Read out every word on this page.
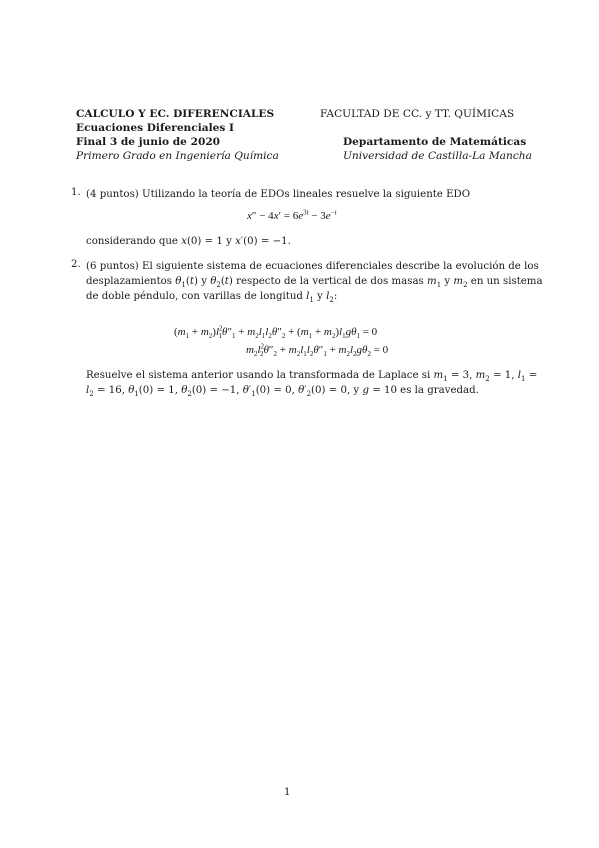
CALCULO Y EC. DIFERENCIALES	FACULTAD DE CC. y TT. QUÍMICAS
Ecuaciones Diferenciales I
Final 3 de junio de 2020	Departamento de Matemáticas
Primero Grado en Ingeniería Química	Universidad de Castilla-La Mancha
1. (4 puntos) Utilizando la teoría de EDOs lineales resuelve la siguiente EDO
$x'' - 4x' = 6e^{3t} - 3e^{-t}$
considerando que x(0) = 1 y x′(0) = −1.
2. (6 puntos) El siguiente sistema de ecuaciones diferenciales describe la evolución de los
desplazamientos $\theta_1(t)$ y $\theta_2(t)$ respecto de la vertical de dos masas $m_1$ y $m_2$ en un sistema
de doble péndulo, con varillas de longitud $l_1$ y $l_2$:
$(m_1 + m_2)l^2_1\theta''_1 + m_2l_1l_2\theta''_2 + (m_1 + m_2)l_1g\theta_1 = 0$
$m_2l^2_2\theta''_2 + m_2l_1l_2\theta''_1 + m_2l_2g\theta_2 = 0$
Resuelve el sistema anterior usando la transformada de Laplace si $m_1 = 3$, $m_2 = 1$, $l_1$ =
$l_2 = 16$, $\theta_1(0) = 1$, $\theta_2(0) = -1$, $\theta'_1(0) = 0$, $\theta'_2(0) = 0$, y g = 10 es la gravedad.
1
